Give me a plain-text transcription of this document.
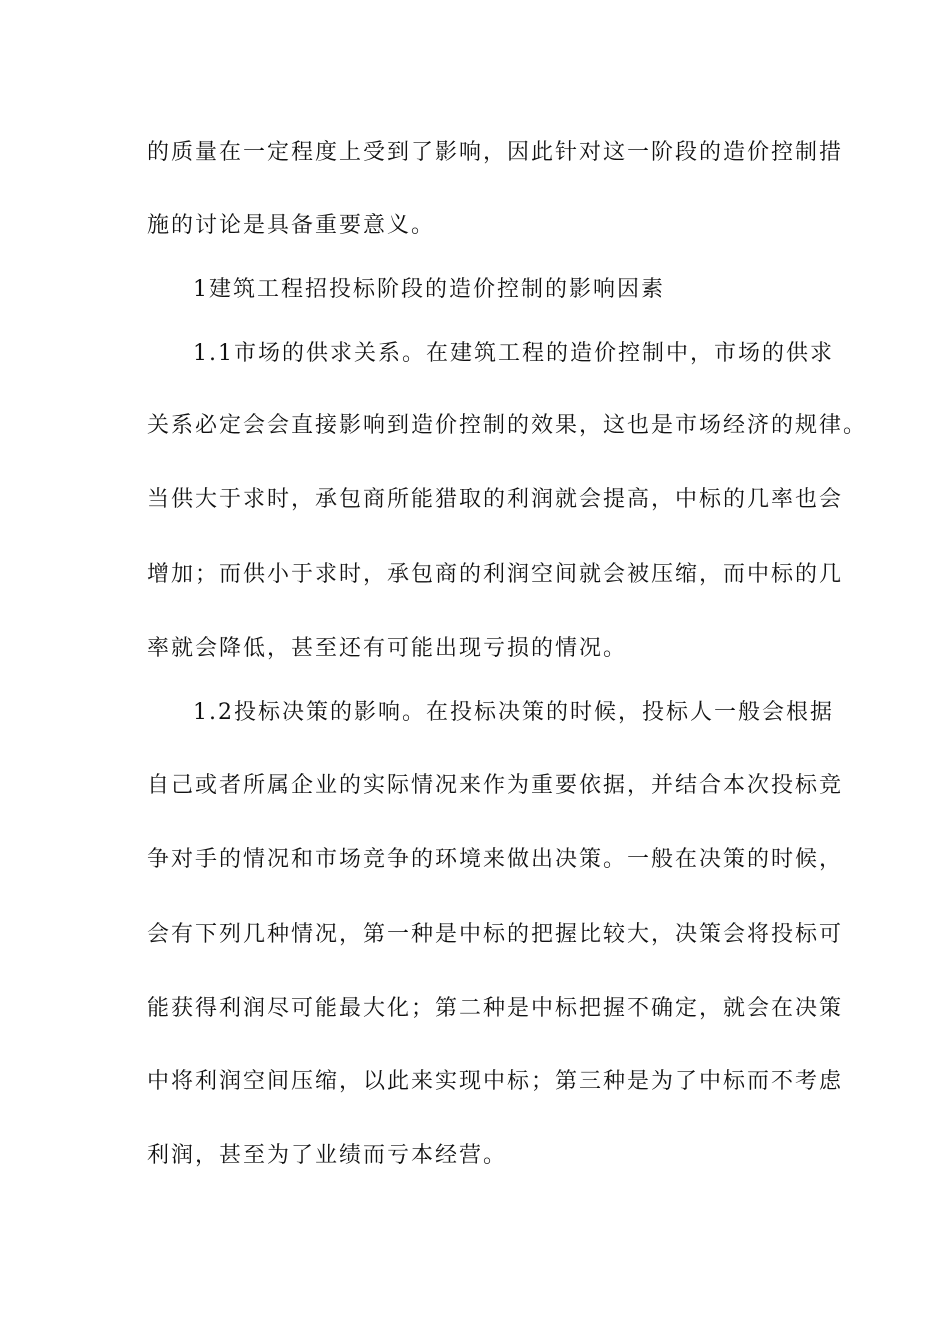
的质量在一定程度上受到了影响，因此针对这一阶段的造价控制措
施的讨论是具备重要意义。
1建筑工程招投标阶段的造价控制的影响因素
1.1市场的供求关系。在建筑工程的造价控制中，市场的供求
关系必定会会直接影响到造价控制的效果，这也是市场经济的规律。
当供大于求时，承包商所能猎取的利润就会提高，中标的几率也会
增加；而供小于求时，承包商的利润空间就会被压缩，而中标的几
率就会降低，甚至还有可能出现亏损的情况。
1.2投标决策的影响。在投标决策的时候，投标人一般会根据
自己或者所属企业的实际情况来作为重要依据，并结合本次投标竞
争对手的情况和市场竞争的环境来做出决策。一般在决策的时候，
会有下列几种情况，第一种是中标的把握比较大，决策会将投标可
能获得利润尽可能最大化；第二种是中标把握不确定，就会在决策
中将利润空间压缩，以此来实现中标；第三种是为了中标而不考虑
利润，甚至为了业绩而亏本经营。
